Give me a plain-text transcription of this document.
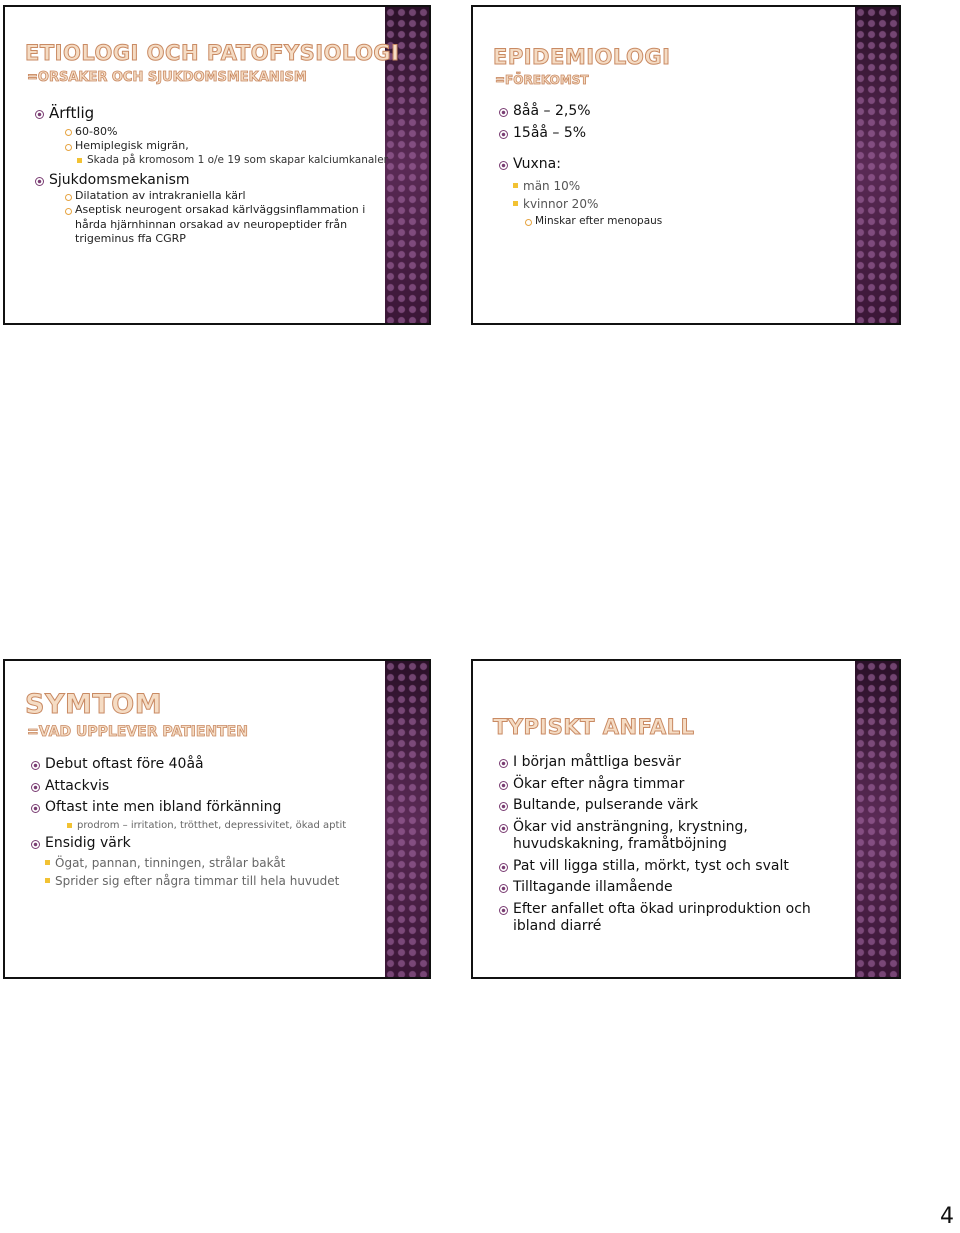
ETIOLOGI OCH PATOFYSIOLOGI
=ORSAKER OCH SJUKDOMSMEKANISM

Ärftlig

60-80%

Hemiplegisk migrän,

Skada på kromosom 1 o/e 19 som skapar kalciumkanaler

Sjukdomsmekanism

Dilatation av intrakraniella kärl

Aseptisk neurogent orsakad kärlväggsinflammation i hårda hjärnhinnan orsakad av neuropeptider från trigeminus ffa CGRP

EPIDEMIOLOGI
=FÖREKOMST

8åå – 2,5%

15åå – 5%

Vuxna:

män 10%

kvinnor 20%

Minskar efter menopaus

SYMTOM
=VAD UPPLEVER PATIENTEN

Debut oftast före 40åå

Attackvis

Oftast inte men ibland förkänning

prodrom – irritation, trötthet, depressivitet, ökad aptit

Ensidig värk

Ögat, pannan, tinningen, strålar bakåt

Sprider sig efter några timmar till hela huvudet

TYPISKT ANFALL

I början måttliga besvär

Ökar efter några timmar

Bultande, pulserande värk

Ökar vid ansträngning, krystning, huvudskakning, framåtböjning

Pat vill ligga stilla, mörkt, tyst och svalt

Tilltagande illamående

Efter anfallet ofta ökad urinproduktion och ibland diarré

4
